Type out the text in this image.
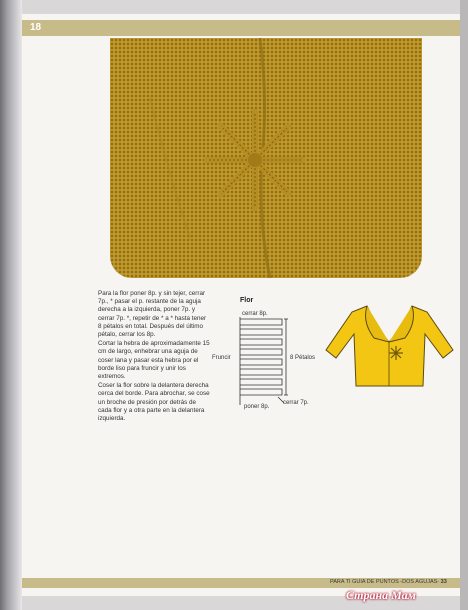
18

Para la flor poner 8p. y sin tejer, cerrar 7p., * pasar el p. restante de la aguja derecha a la izquierda, poner 7p. y cerrar 7p. *, repetir de * a * hasta tener 8 pétalos en total. Después del último pétalo, cerrar los 8p.

Cortar la hebra de aproximadamente 15 cm de largo, enhebrar una aguja de coser lana y pasar esta hebra por el borde liso para fruncir y unir los extremos.

Coser la flor sobre la delantera derecha cerca del borde. Para abrochar, se cose un broche de presión por detrás de cada flor y a otra parte en la delantera izquierda.

Flor
cerrar 8p.
Fruncir	8 Pétalos
poner 8p.
cerrar 7p.
PARA TI GUIA DE PUNTOS -DOS AGUJAS- 33
Страна Мам
